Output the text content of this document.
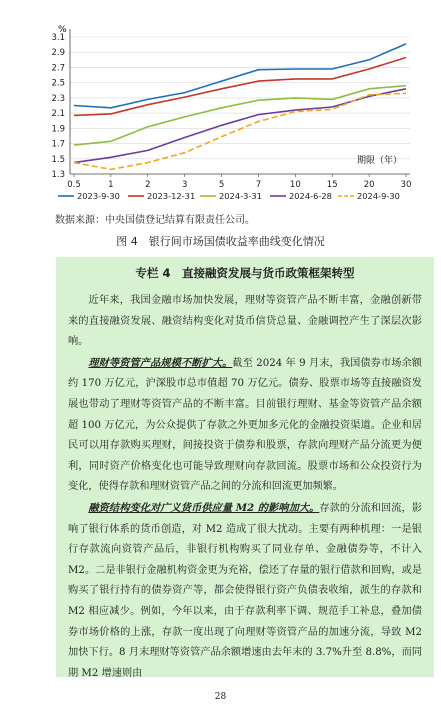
3.1
2.9
2.7
2.5
2.3
2.1
1.9
1.7
1.5
1.3
0.5	1	2	3	5	7	10	15	20	30
2023-9-30	2023-12-31	2024-3-31	2024-6-28	2024-9-30
%
期限（年）
数据来源：中央国债登记结算有限责任公司。
图 4　银行间市场国债收益率曲线变化情况
专栏 4　直接融资发展与货币政策框架转型

近年来，我国金融市场加快发展，理财等资管产品不断丰富，金融创新带来的直接融资发展、融资结构变化对货币信贷总量、金融调控产生了深层次影响。

理财等资管产品规模不断扩大。截至 2024 年 9 月末，我国债券市场余额约 170 万亿元，沪深股市总市值超 70 万亿元。债券、股票市场等直接融资发展也带动了理财等资管产品的不断丰富。目前银行理财、基金等资管产品余额超 100 万亿元，为公众提供了存款之外更加多元化的金融投资渠道。企业和居民可以用存款购买理财，间接投资于债券和股票，存款向理财产品分流更为便利，同时资产价格变化也可能导致理财向存款回流。股票市场和公众投资行为变化，使得存款和理财资管产品之间的分流和回流更加频繁。

融资结构变化对广义货币供应量 M2 的影响加大。存款的分流和回流，影响了银行体系的货币创造，对 M2 造成了很大扰动。主要有两种机理：一是银行存款流向资管产品后，非银行机构购买了同业存单、金融债券等，不计入 M2。二是非银行金融机构资金更为充裕，偿还了存量的银行借款和回购，或是购买了银行持有的债券资产等，都会使得银行资产负债表收缩，派生的存款和 M2 相应减少。例如，今年以来，由于存款利率下调、规范手工补息，叠加债券市场价格的上涨，存款一度出现了向理财等资管产品的加速分流，导致 M2 加快下行。8 月末理财等资管产品余额增速由去年末的 3.7%升至 8.8%，而同期 M2 增速则由

28
